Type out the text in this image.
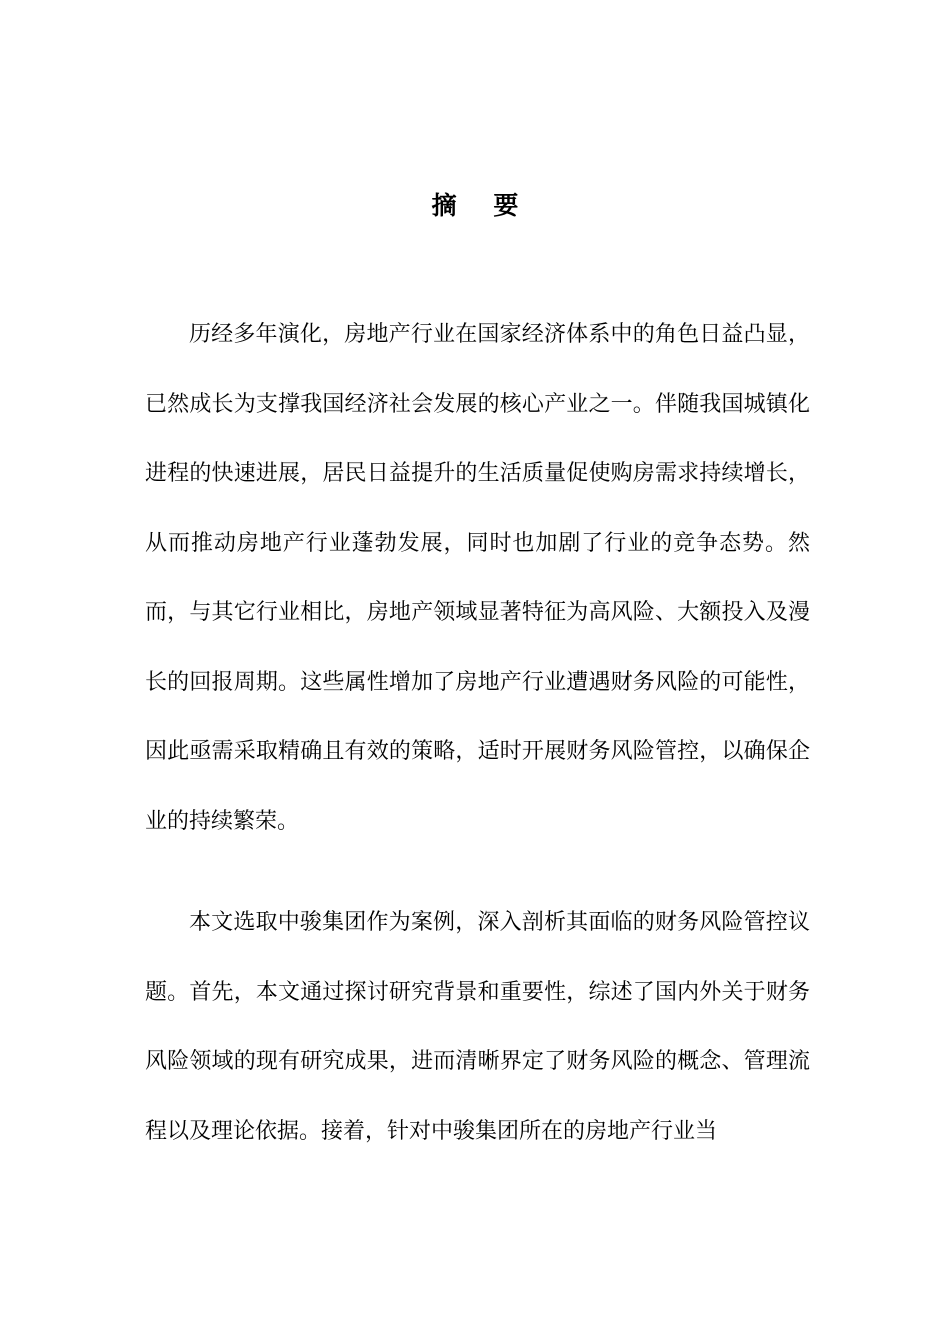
摘 要

历经多年演化，房地产行业在国家经济体系中的角色日益凸显，已然成长为支撑我国经济社会发展的核心产业之一。伴随我国城镇化进程的快速进展，居民日益提升的生活质量促使购房需求持续增长，从而推动房地产行业蓬勃发展，同时也加剧了行业的竞争态势。然而，与其它行业相比，房地产领域显著特征为高风险、大额投入及漫长的回报周期。这些属性增加了房地产行业遭遇财务风险的可能性，因此亟需采取精确且有效的策略，适时开展财务风险管控，以确保企业的持续繁荣。

本文选取中骏集团作为案例，深入剖析其面临的财务风险管控议题。首先，本文通过探讨研究背景和重要性，综述了国内外关于财务风险领域的现有研究成果，进而清晰界定了财务风险的概念、管理流程以及理论依据。接着，针对中骏集团所在的房地产行业当
